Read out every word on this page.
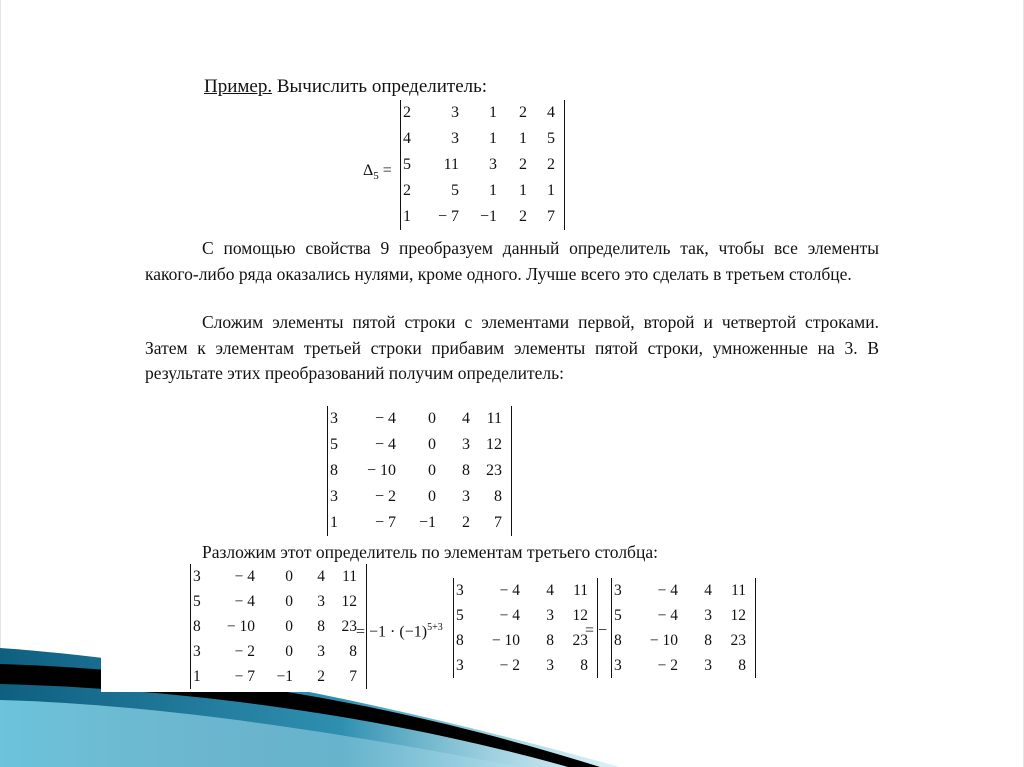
Пример. Вычислить определитель:
$\Delta_5$ =
2	3	1	2	4
4	3	1	1	5
5	11	3	2	2
2	5	1	1	1
1	− 7	−1	2	7
С помощью свойства 9 преобразуем данный определитель так, чтобы все элементы какого-либо ряда оказались нулями, кроме одного. Лучше всего это сделать в третьем столбце.
Сложим элементы пятой строки с элементами первой, второй и четвертой строками. Затем к элементам третьей строки прибавим элементы пятой строки, умноженные на 3. В результате этих преобразований получим определитель:
3	− 4	0	4	11
5	− 4	0	3	12
8	− 10	0	8	23
3	− 2	0	3	8
1	− 7	−1	2	7
Разложим этот определитель по элементам третьего столбца:
3	− 4	0	4	11
5	− 4	0	3	12
8	− 10	0	8	23
3	− 2	0	3	8
1	− 7	−1	2	7
= $-1 \cdot (-1)^{5+3}$
3	− 4	4	11
5	− 4	3	12
8	− 10	8	23
3	− 2	3	8
= −
3	− 4	4	11
5	− 4	3	12
8	− 10	8	23
3	− 2	3	8
